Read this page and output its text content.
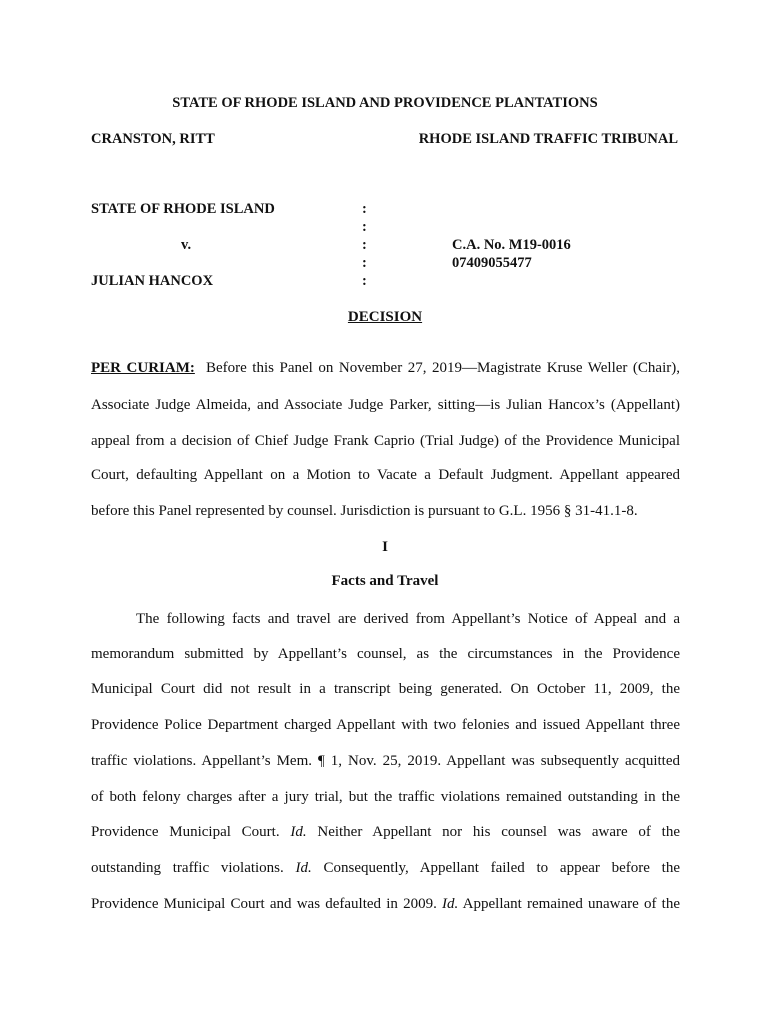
STATE OF RHODE ISLAND AND PROVIDENCE PLANTATIONS
CRANSTON, RITT	RHODE ISLAND TRAFFIC TRIBUNAL
STATE OF RHODE ISLAND
v.
JULIAN HANCOX
:
:
:
:
:
C.A. No. M19-0016
07409055477
DECISION
PER CURIAM: Before this Panel on November 27, 2019—Magistrate Kruse Weller (Chair),
Associate Judge Almeida, and Associate Judge Parker, sitting—is Julian Hancox’s (Appellant)
appeal from a decision of Chief Judge Frank Caprio (Trial Judge) of the Providence Municipal
Court, defaulting Appellant on a Motion to Vacate a Default Judgment. Appellant appeared
before this Panel represented by counsel. Jurisdiction is pursuant to G.L. 1956 § 31-41.1-8.
I
Facts and Travel
The following facts and travel are derived from Appellant’s Notice of Appeal and a
memorandum submitted by Appellant’s counsel, as the circumstances in the Providence
Municipal Court did not result in a transcript being generated. On October 11, 2009, the
Providence Police Department charged Appellant with two felonies and issued Appellant three
traffic violations. Appellant’s Mem. ¶ 1, Nov. 25, 2019. Appellant was subsequently acquitted
of both felony charges after a jury trial, but the traffic violations remained outstanding in the
Providence Municipal Court. Id. Neither Appellant nor his counsel was aware of the
outstanding traffic violations. Id. Consequently, Appellant failed to appear before the
Providence Municipal Court and was defaulted in 2009. Id. Appellant remained unaware of the
